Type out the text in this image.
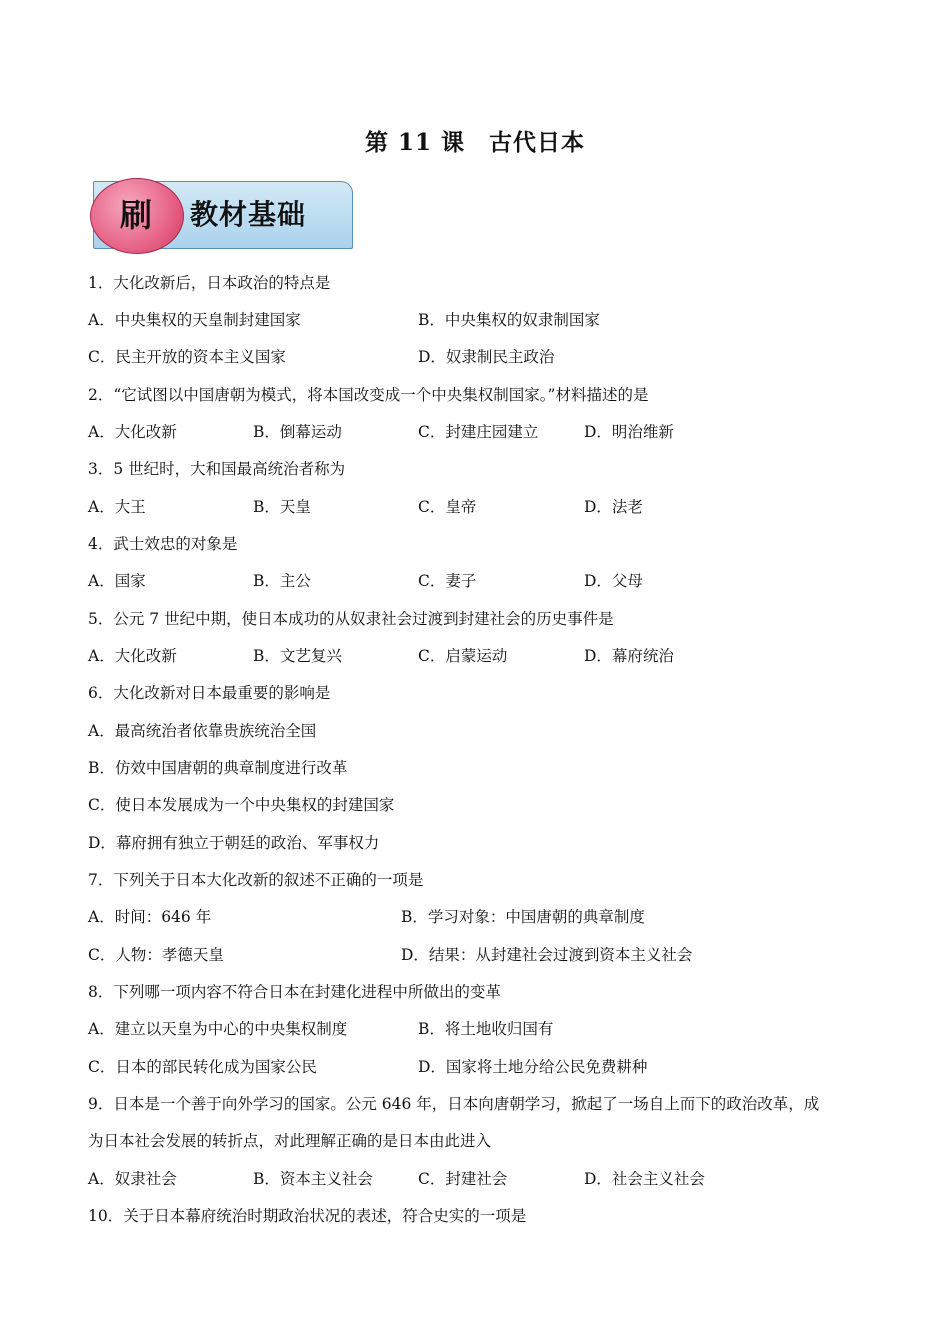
第 11 课　古代日本
刷	教材基础
1．大化改新后，日本政治的特点是
A．中央集权的天皇制封建国家	B．中央集权的奴隶制国家
C．民主开放的资本主义国家	D．奴隶制民主政治
2．“它试图以中国唐朝为模式，将本国改变成一个中央集权制国家。”材料描述的是
A．大化改新	B．倒幕运动	C．封建庄园建立	D．明治维新
3．5 世纪时，大和国最高统治者称为
A．大王	B．天皇	C．皇帝	D．法老
4．武士效忠的对象是
A．国家	B．主公	C．妻子	D．父母
5．公元 7 世纪中期，使日本成功的从奴隶社会过渡到封建社会的历史事件是
A．大化改新	B．文艺复兴	C．启蒙运动	D．幕府统治
6．大化改新对日本最重要的影响是
A．最高统治者依靠贵族统治全国
B．仿效中国唐朝的典章制度进行改革
C．使日本发展成为一个中央集权的封建国家
D．幕府拥有独立于朝廷的政治、军事权力
7．下列关于日本大化改新的叙述不正确的一项是
A．时间：646 年	B．学习对象：中国唐朝的典章制度
C．人物：孝德天皇	D．结果：从封建社会过渡到资本主义社会
8．下列哪一项内容不符合日本在封建化进程中所做出的变革
A．建立以天皇为中心的中央集权制度	B．将土地收归国有
C．日本的部民转化成为国家公民	D．国家将土地分给公民免费耕种
9．日本是一个善于向外学习的国家。公元 646 年，日本向唐朝学习，掀起了一场自上而下的政治改革，成
为日本社会发展的转折点，对此理解正确的是日本由此进入
A．奴隶社会	B．资本主义社会	C．封建社会	D．社会主义社会
10．关于日本幕府统治时期政治状况的表述，符合史实的一项是
